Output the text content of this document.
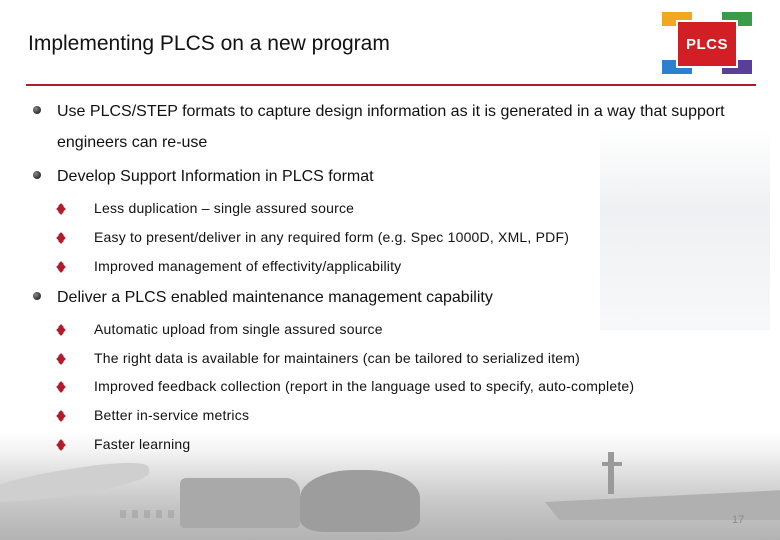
Implementing PLCS on a new program	PLCS
Use PLCS/STEP formats to capture design information as it is generated in a way that support engineers can re-use
Develop Support Information in PLCS format
Less duplication – single assured source
Easy to present/deliver in any required form (e.g. Spec 1000D, XML, PDF)
Improved management of effectivity/applicability
Deliver a PLCS enabled maintenance management capability
Automatic upload from single assured source
The right data is available for maintainers (can be tailored to serialized item)
Improved feedback collection (report in the language used to specify, auto-complete)
Better in-service metrics
Faster learning
17
